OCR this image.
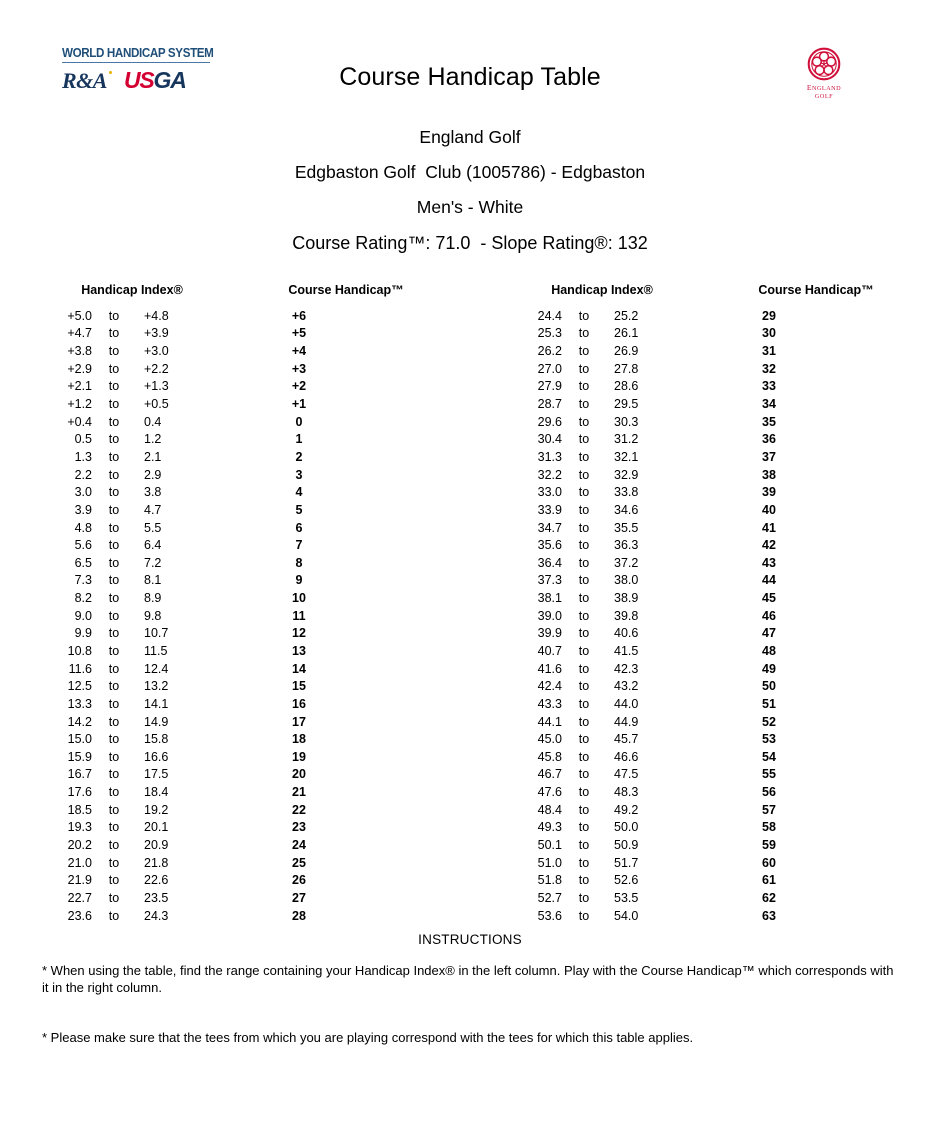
WORLD HANDICAP SYSTEM
R&A USGA	ENGLAND
GOLF
Course Handicap Table
England Golf
Edgbaston Golf  Club (1005786) - Edgbaston
Men's - White
Course Rating™: 71.0  - Slope Rating®: 132
Handicap Index®	Course Handicap™
+5.0	to	+4.8	+6
+4.7	to	+3.9	+5
+3.8	to	+3.0	+4
+2.9	to	+2.2	+3
+2.1	to	+1.3	+2
+1.2	to	+0.5	+1
+0.4	to	0.4	0
0.5	to	1.2	1
1.3	to	2.1	2
2.2	to	2.9	3
3.0	to	3.8	4
3.9	to	4.7	5
4.8	to	5.5	6
5.6	to	6.4	7
6.5	to	7.2	8
7.3	to	8.1	9
8.2	to	8.9	10
9.0	to	9.8	11
9.9	to	10.7	12
10.8	to	11.5	13
11.6	to	12.4	14
12.5	to	13.2	15
13.3	to	14.1	16
14.2	to	14.9	17
15.0	to	15.8	18
15.9	to	16.6	19
16.7	to	17.5	20
17.6	to	18.4	21
18.5	to	19.2	22
19.3	to	20.1	23
20.2	to	20.9	24
21.0	to	21.8	25
21.9	to	22.6	26
22.7	to	23.5	27
23.6	to	24.3	28
Handicap Index®	Course Handicap™
24.4	to	25.2	29
25.3	to	26.1	30
26.2	to	26.9	31
27.0	to	27.8	32
27.9	to	28.6	33
28.7	to	29.5	34
29.6	to	30.3	35
30.4	to	31.2	36
31.3	to	32.1	37
32.2	to	32.9	38
33.0	to	33.8	39
33.9	to	34.6	40
34.7	to	35.5	41
35.6	to	36.3	42
36.4	to	37.2	43
37.3	to	38.0	44
38.1	to	38.9	45
39.0	to	39.8	46
39.9	to	40.6	47
40.7	to	41.5	48
41.6	to	42.3	49
42.4	to	43.2	50
43.3	to	44.0	51
44.1	to	44.9	52
45.0	to	45.7	53
45.8	to	46.6	54
46.7	to	47.5	55
47.6	to	48.3	56
48.4	to	49.2	57
49.3	to	50.0	58
50.1	to	50.9	59
51.0	to	51.7	60
51.8	to	52.6	61
52.7	to	53.5	62
53.6	to	54.0	63
INSTRUCTIONS
* When using the table, find the range containing your Handicap Index® in the left column. Play with the Course Handicap™ which corresponds with it in the right column.
* Please make sure that the tees from which you are playing correspond with the tees for which this table applies.
